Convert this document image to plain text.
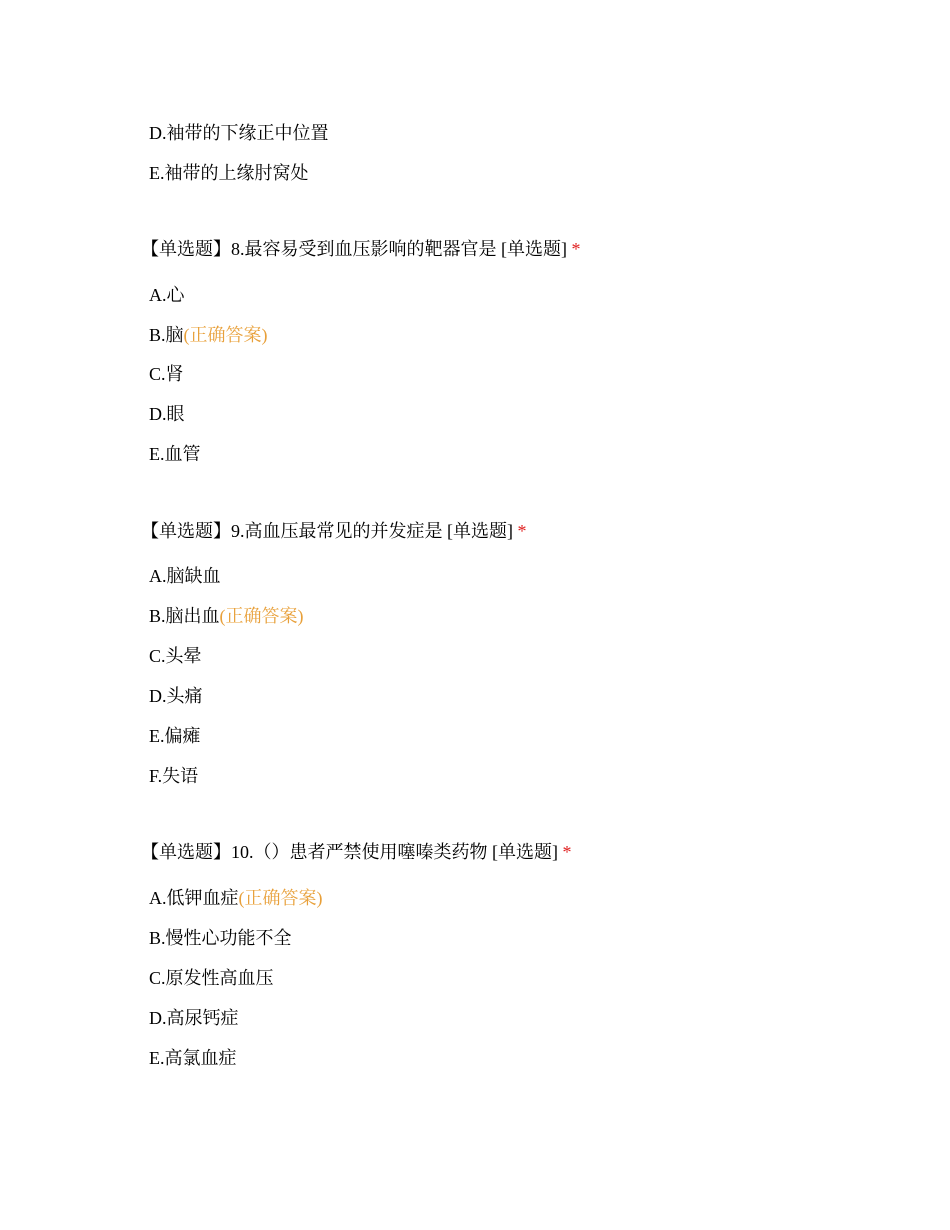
D.袖带的下缘正中位置
E.袖带的上缘肘窝处
【单选题】8.最容易受到血压影响的靶器官是 [单选题] *
A.心
B.脑(正确答案)
C.肾
D.眼
E.血管
【单选题】9.高血压最常见的并发症是 [单选题] *
A.脑缺血
B.脑出血(正确答案)
C.头晕
D.头痛
E.偏瘫
F.失语
【单选题】10.（）患者严禁使用噻嗪类药物 [单选题] *
A.低钾血症(正确答案)
B.慢性心功能不全
C.原发性高血压
D.高尿钙症
E.高氯血症
